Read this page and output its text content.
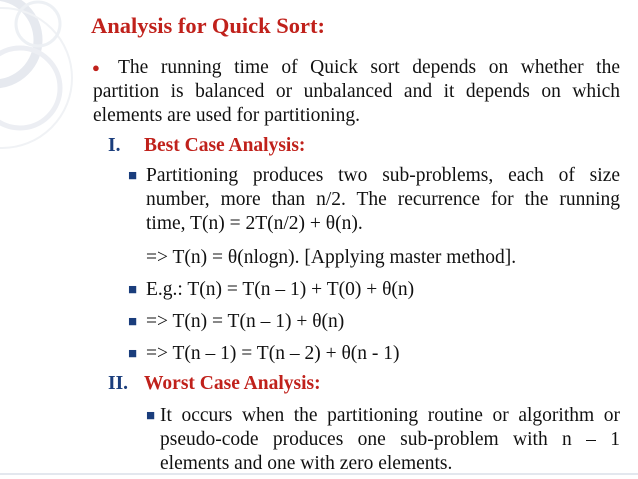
Analysis for Quick Sort:
● The running time of Quick sort depends on whether the
partition is balanced or unbalanced and it depends on which
elements are used for partitioning.
I. Best Case Analysis:
■ Partitioning produces two sub-problems, each of size
number, more than n/2. The recurrence for the running
time, T(n) = 2T(n/2) + θ(n).
=> T(n) = θ(nlogn). [Applying master method].
■ E.g.: T(n) = T(n – 1) + T(0) + θ(n)
■ => T(n) = T(n – 1) + θ(n)
■ => T(n – 1) = T(n – 2) + θ(n - 1)
II. Worst Case Analysis:
■ It occurs when the partitioning routine or algorithm or
pseudo-code produces one sub-problem with n – 1
elements and one with zero elements.
